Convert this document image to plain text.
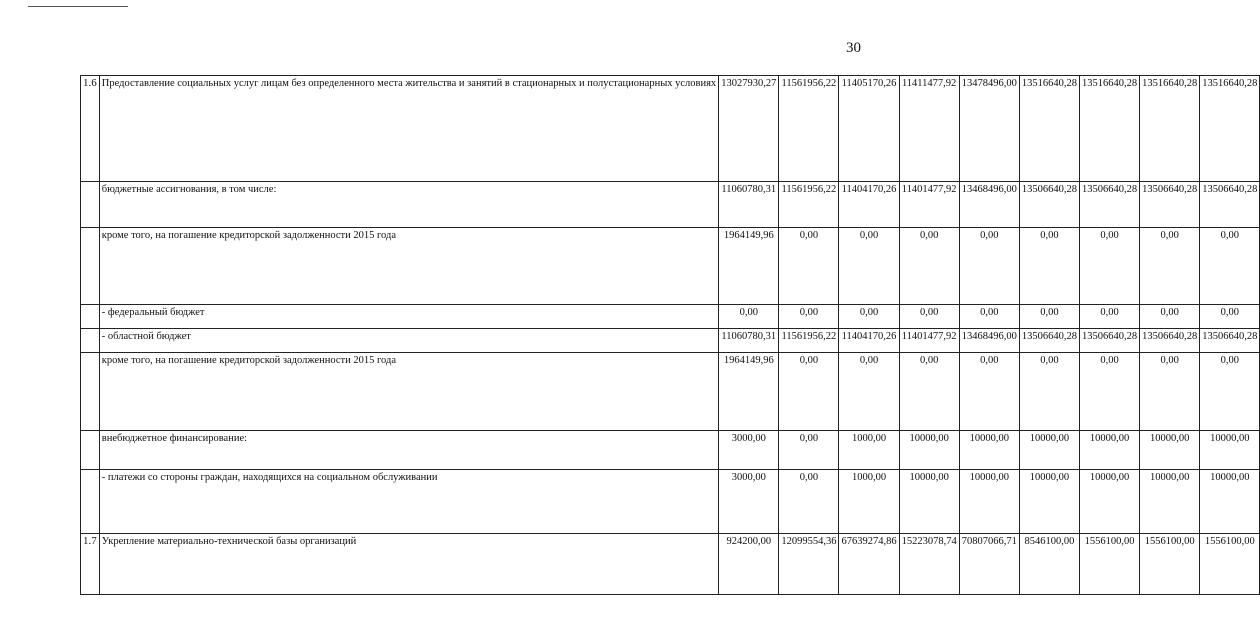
30
1.6	Предоставление социальных услуг лицам без определенного места жительства и занятий в стационарных и полустационарных условиях	13027930,27	11561956,22	11405170,26	11411477,92	13478496,00	13516640,28	13516640,28	13516640,28	13516640,28
	бюджетные ассигнования, в том числе:	11060780,31	11561956,22	11404170,26	11401477,92	13468496,00	13506640,28	13506640,28	13506640,28	13506640,28
	кроме того, на погашение кредиторской задолженности 2015 года	1964149,96	0,00	0,00	0,00	0,00	0,00	0,00	0,00	0,00
	- федеральный бюджет	0,00	0,00	0,00	0,00	0,00	0,00	0,00	0,00	0,00
	- областной бюджет	11060780,31	11561956,22	11404170,26	11401477,92	13468496,00	13506640,28	13506640,28	13506640,28	13506640,28
	кроме того, на погашение кредиторской задолженности 2015 года	1964149,96	0,00	0,00	0,00	0,00	0,00	0,00	0,00	0,00
	внебюджетное финансирование:	3000,00	0,00	1000,00	10000,00	10000,00	10000,00	10000,00	10000,00	10000,00
	- платежи со стороны граждан, находящихся на социальном обслуживании	3000,00	0,00	1000,00	10000,00	10000,00	10000,00	10000,00	10000,00	10000,00
1.7	Укрепление материально-технической базы организаций	924200,00	12099554,36	67639274,86	15223078,74	70807066,71	8546100,00	1556100,00	1556100,00	1556100,00
